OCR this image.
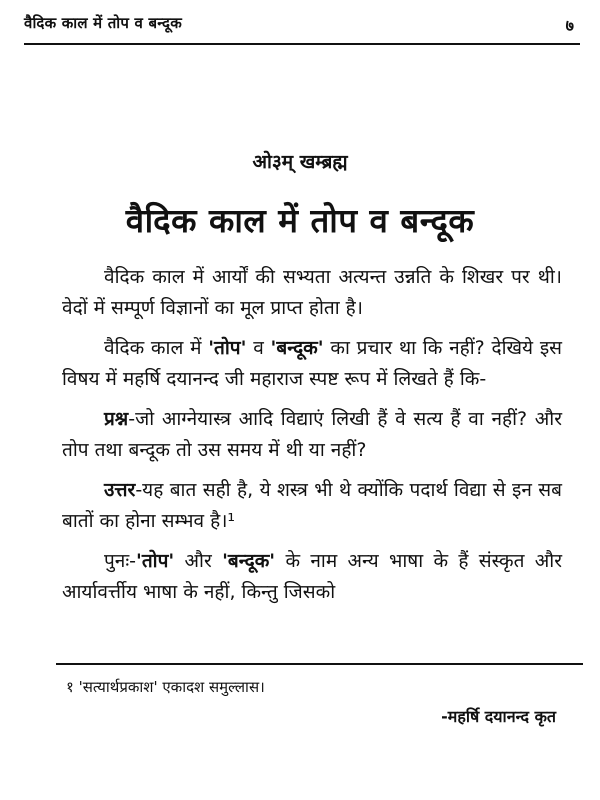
वैदिक काल में तोप व बन्दूक	७
ओ३म् खम्ब्रह्म
वैदिक काल में तोप व बन्दूक

वैदिक काल में आर्यों की सभ्यता अत्यन्त उन्नति के शिखर पर थी। वेदों में सम्पूर्ण विज्ञानों का मूल प्राप्त होता है।

वैदिक काल में 'तोप' व 'बन्दूक' का प्रचार था कि नहीं? देखिये इस विषय में महर्षि दयानन्द जी महाराज स्पष्ट रूप में लिखते हैं कि-

प्रश्न-जो आग्नेयास्त्र आदि विद्याएं लिखी हैं वे सत्य हैं वा नहीं? और तोप तथा बन्दूक तो उस समय में थी या नहीं?

उत्तर-यह बात सही है, ये शस्त्र भी थे क्योंकि पदार्थ विद्या से इन सब बातों का होना सम्भव है।¹

पुनः-'तोप' और 'बन्दूक' के नाम अन्य भाषा के हैं संस्कृत और आर्यावर्त्तीय भाषा के नहीं, किन्तु जिसको

१ 'सत्यार्थप्रकाश' एकादश समुल्लास।
-महर्षि दयानन्द कृत
